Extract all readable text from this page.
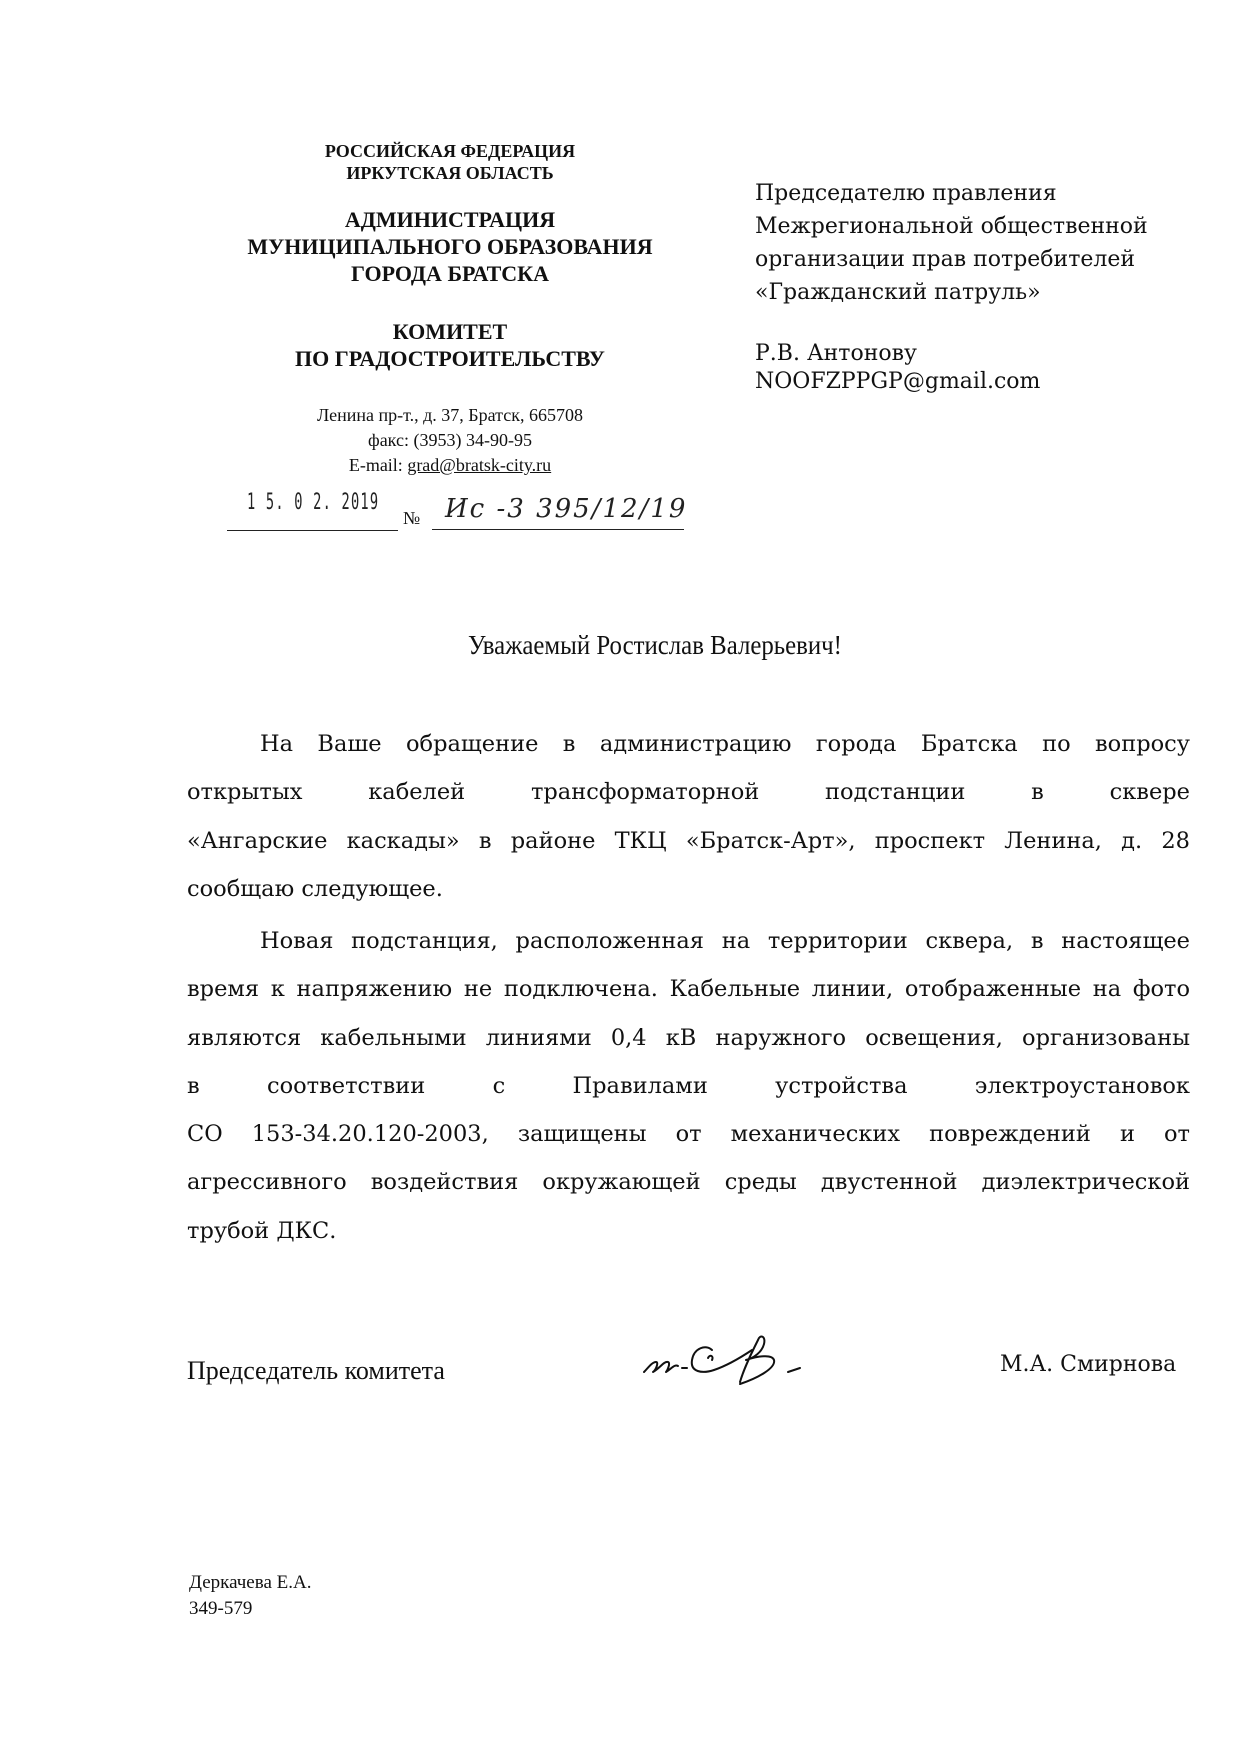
РОССИЙСКАЯ ФЕДЕРАЦИЯ
ИРКУТСКАЯ ОБЛАСТЬ
АДМИНИСТРАЦИЯ
МУНИЦИПАЛЬНОГО ОБРАЗОВАНИЯ
ГОРОДА БРАТСКА
КОМИТЕТ
ПО ГРАДОСТРОИТЕЛЬСТВУ
Ленина пр-т., д. 37, Братск, 665708
факс: (3953) 34-90-95
E-mail: grad@bratsk-city.ru
1 5. 0 2. 2019
№ Ис -3 395/12/19
Председателю правления
Межрегиональной общественной
организации прав потребителей
«Гражданский патруль»
Р.В. Антонову
NOOFZPPGP@gmail.com
Уважаемый Ростислав Валерьевич!
На Ваше обращение в администрацию города Братска по вопросу
открытых кабелей трансформаторной подстанции в сквере
«Ангарские каскады» в районе ТКЦ «Братск-Арт», проспект Ленина, д. 28
сообщаю следующее.
Новая подстанция, расположенная на территории сквера, в настоящее
время к напряжению не подключена. Кабельные линии, отображенные на фото
являются кабельными линиями 0,4 кВ наружного освещения, организованы
в соответствии с Правилами устройства электроустановок
СО 153-34.20.120-2003, защищены от механических повреждений и от
агрессивного воздействия окружающей среды двустенной диэлектрической
трубой ДКС.
Председатель комитета	М.А. Смирнова
Деркачева Е.А.
349-579
